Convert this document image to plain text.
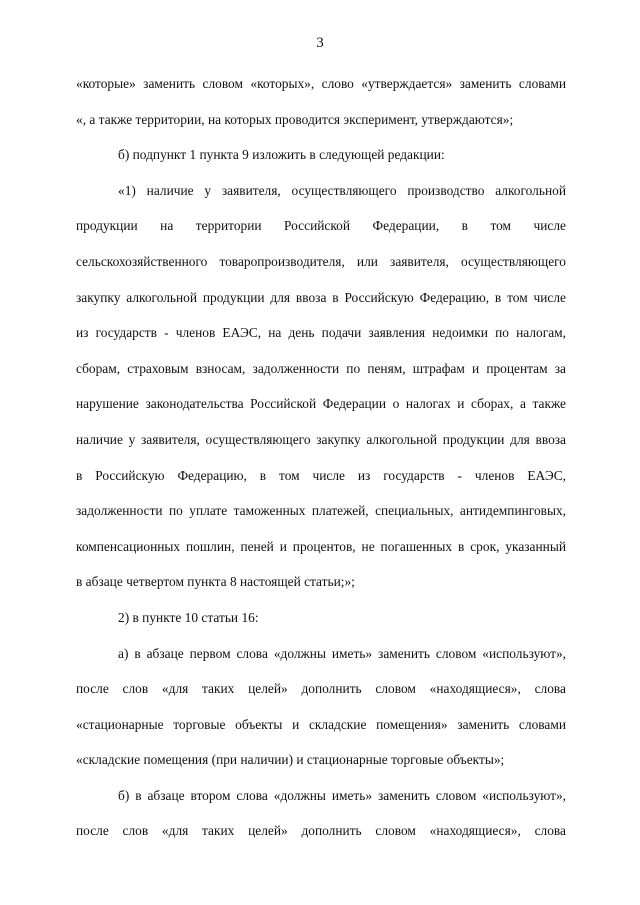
3
«которые» заменить словом «которых», слово «утверждается» заменить словами
«, а также территории, на которых проводится эксперимент, утверждаются»;
б) подпункт 1 пункта 9 изложить в следующей редакции:
«1) наличие у заявителя, осуществляющего производство алкогольной
продукции на территории Российской Федерации, в том числе
сельскохозяйственного товаропроизводителя, или заявителя, осуществляющего
закупку алкогольной продукции для ввоза в Российскую Федерацию, в том числе
из государств - членов ЕАЭС, на день подачи заявления недоимки по налогам,
сборам, страховым взносам, задолженности по пеням, штрафам и процентам за
нарушение законодательства Российской Федерации о налогах и сборах, а также
наличие у заявителя, осуществляющего закупку алкогольной продукции для ввоза
в Российскую Федерацию, в том числе из государств - членов ЕАЭС,
задолженности по уплате таможенных платежей, специальных, антидемпинговых,
компенсационных пошлин, пеней и процентов, не погашенных в срок, указанный
в абзаце четвертом пункта 8 настоящей статьи;»;
2) в пункте 10 статьи 16:
а) в абзаце первом слова «должны иметь» заменить словом «используют»,
после слов «для таких целей» дополнить словом «находящиеся», слова
«стационарные торговые объекты и складские помещения» заменить словами
«складские помещения (при наличии) и стационарные торговые объекты»;
б) в абзаце втором слова «должны иметь» заменить словом «используют»,
после слов «для таких целей» дополнить словом «находящиеся», слова
